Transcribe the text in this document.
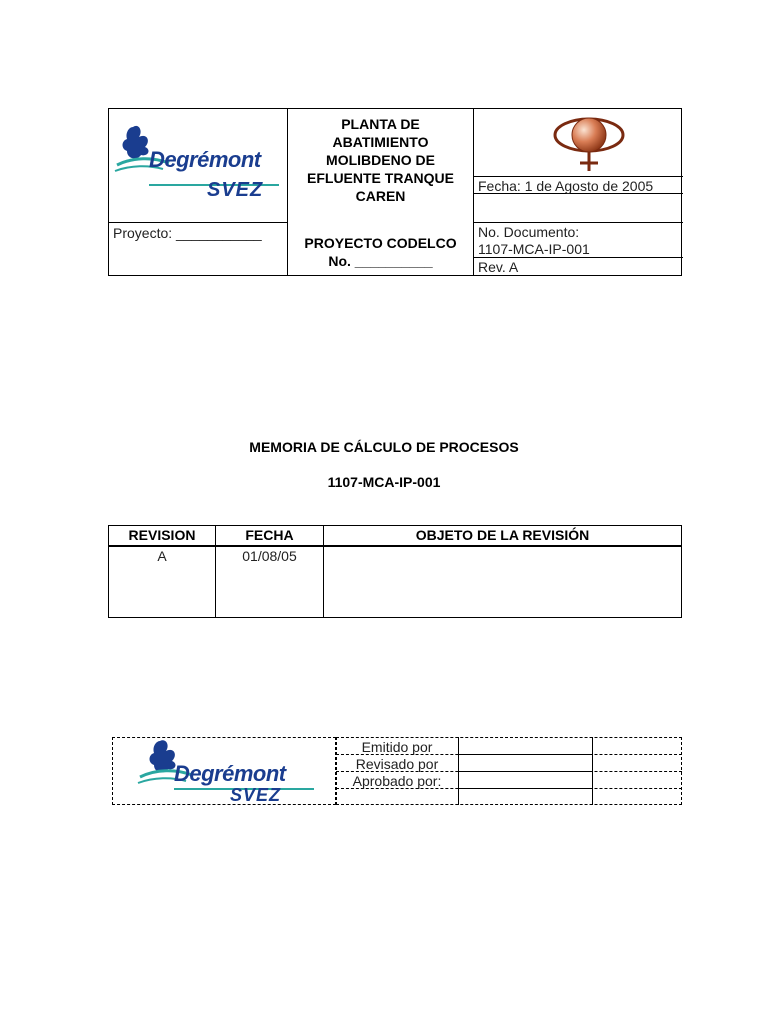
Degrémont
SVEZ
Proyecto: ___________
PLANTA DE
ABATIMIENTO
MOLIBDENO DE
EFLUENTE TRANQUE
CAREN
PROYECTO CODELCO
No. __________
Fecha: 1 de Agosto de 2005
No. Documento:
1107-MCA-IP-001
Rev. A
MEMORIA DE CÁLCULO DE PROCESOS
1107-MCA-IP-001
REVISION	FECHA	OBJETO DE LA REVISIÓN
A	01/08/05	
Degrémont
SVEZ
Emitido por
Revisado por
Aprobado por:
